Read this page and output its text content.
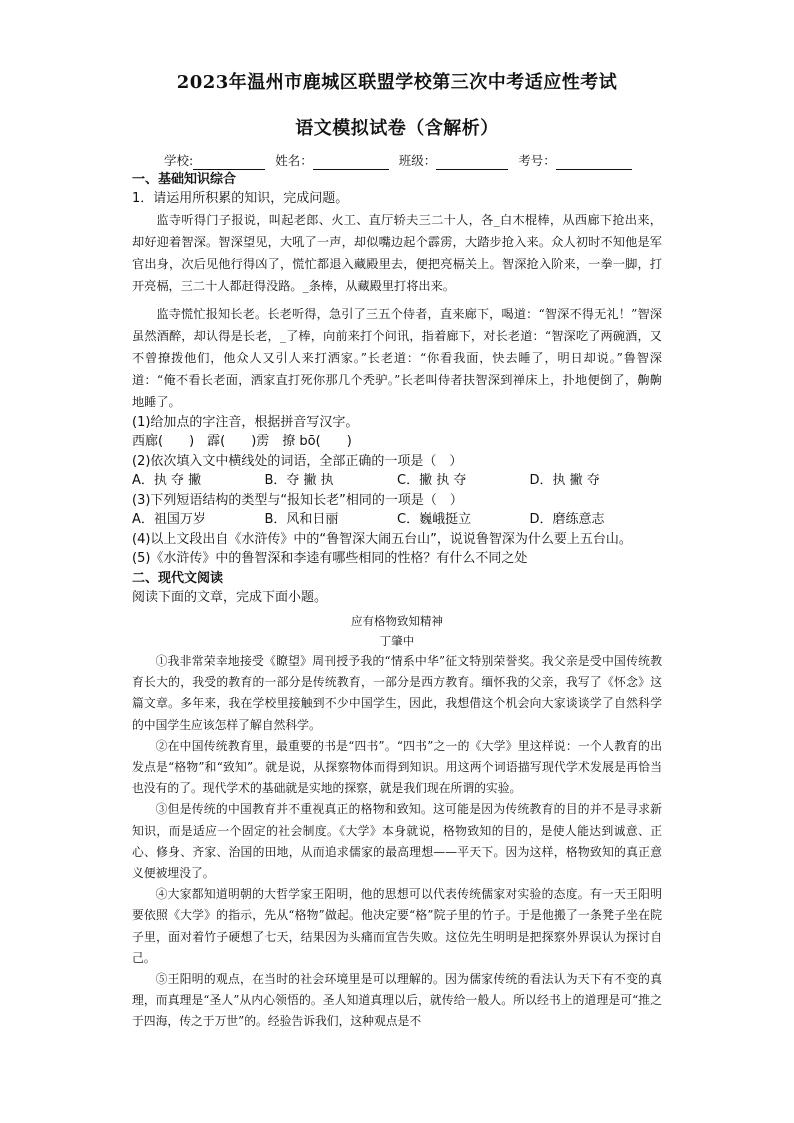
2023年温州市鹿城区联盟学校第三次中考适应性考试
语文模拟试卷（含解析）
学校:	姓名：	班级：	考号：
一、基础知识综合
1．请运用所积累的知识，完成问题。

监寺听得门子报说，叫起老郎、火工、直厅轿夫三二十人，各_白木棍棒，从西廊下抢出来，却好迎着智深。智深望见，大吼了一声，却似嘴边起个霹雳，大踏步抢入来。众人初时不知他是军官出身，次后见他行得凶了，慌忙都退入藏殿里去，便把亮槅关上。智深抢入阶来，一拳一脚，打开亮槅，三二十人都赶得没路。_条棒，从藏殿里打将出来。

监寺慌忙报知长老。长老听得，急引了三五个侍者，直来廊下，喝道：“智深不得无礼！”智深虽然酒醉，却认得是长老，_了棒，向前来打个问讯，指着廊下，对长老道：“智深吃了两碗酒，又不曾撩拨他们，他众人又引人来打洒家。”长老道：“你看我面，快去睡了，明日却说。”鲁智深道：“俺不看长老面，洒家直打死你那几个秃驴。”长老叫侍者扶智深到禅床上，扑地便倒了，齁齁地睡了。

(1)给加点的字注音，根据拼音写汉字。
西廊(　　)　霹(　　)雳　撩 bō(　　)
(2)依次填入文中横线处的词语，全部正确的一项是（　）
A．执 夺 撇	B．夺 撇 执	C．撇 执 夺	D．执 撇 夺
(3)下列短语结构的类型与“报知长老”相同的一项是（　）
A．祖国万岁	B．风和日丽	C．巍峨挺立	D．磨练意志
(4)以上文段出自《水浒传》中的“鲁智深大闹五台山”，说说鲁智深为什么要上五台山。
(5)《水浒传》中的鲁智深和李逵有哪些相同的性格？有什么不同之处
二、现代文阅读
阅读下面的文章，完成下面小题。
应有格物致知精神
丁肇中

①我非常荣幸地接受《瞭望》周刊授予我的“情系中华”征文特别荣誉奖。我父亲是受中国传统教育长大的，我受的教育的一部分是传统教育，一部分是西方教育。缅怀我的父亲，我写了《怀念》这篇文章。多年来，我在学校里接触到不少中国学生，因此，我想借这个机会向大家谈谈学了自然科学的中国学生应该怎样了解自然科学。

②在中国传统教育里，最重要的书是“四书”。“四书”之一的《大学》里这样说：一个人教育的出发点是“格物”和“致知”。就是说，从探察物体而得到知识。用这两个词语描写现代学术发展是再恰当也没有的了。现代学术的基础就是实地的探察，就是我们现在所谓的实验。

③但是传统的中国教育并不重视真正的格物和致知。这可能是因为传统教育的目的并不是寻求新知识，而是适应一个固定的社会制度。《大学》本身就说，格物致知的目的，是使人能达到诚意、正心、修身、齐家、治国的田地，从而追求儒家的最高理想——平天下。因为这样，格物致知的真正意义便被埋没了。

④大家都知道明朝的大哲学家王阳明，他的思想可以代表传统儒家对实验的态度。有一天王阳明要依照《大学》的指示，先从“格物”做起。他决定要“格”院子里的竹子。于是他搬了一条凳子坐在院子里，面对着竹子硬想了七天，结果因为头痛而宣告失败。这位先生明明是把探察外界误认为探讨自己。

⑤王阳明的观点，在当时的社会环境里是可以理解的。因为儒家传统的看法认为天下有不变的真理，而真理是“圣人”从内心领悟的。圣人知道真理以后，就传给一般人。所以经书上的道理是可“推之于四海，传之于万世”的。经验告诉我们，这种观点是不
